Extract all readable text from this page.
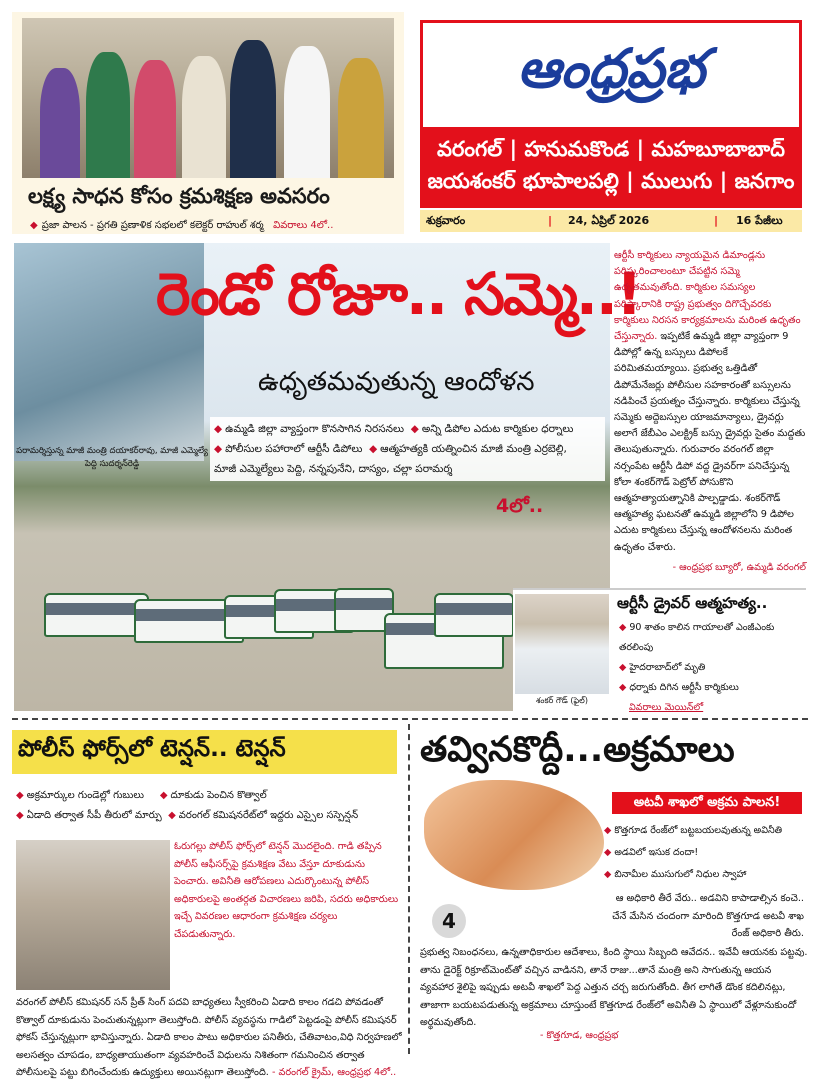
లక్ష్య సాధన కోసం క్రమశిక్షణ అవసరం
◆ ప్రజా పాలన - ప్రగతి ప్రణాళిక సభలలో కలెక్టర్ రాహుల్ శర్మ వివరాలు 4లో..
ఆంధ్రప్రభ
వరంగల్ | హనుమకొండ | మహబూబాబాద్
జయశంకర్ భూపాలపల్లి | ములుగు | జనగాం
శుక్రవారం	| 24, ఏప్రిల్ 2026	| 16 పేజీలు
రెండో రోజూ.. సమ్మె..!
ఉధృతమవుతున్న ఆందోళన
◆ ఉమ్మడి జిల్లా వ్యాప్తంగా కొనసాగిన నిరసనలు ◆ అన్ని డిపోల ఎదుట కార్మికుల ధర్నాలు
◆ పోలీసుల పహారాలో ఆర్టీసీ డిపోలు ◆ ఆత్మహత్యకి యత్నించిన మాజీ మంత్రి ఎర్రబెల్లి,
మాజీ ఎమ్మెల్యేలు పెద్ది, నన్నపునేని, దాస్యం, చల్లా పరామర్శ
పరామర్శిస్తున్న మాజీ మంత్రి దయాకర్‌రావు, మాజీ ఎమ్మెల్యే పెద్ది సుదర్శన్‌రెడ్డి
4లో..
ఆర్టీసీ కార్మికులు న్యాయమైన డిమాండ్లను పరిష్కరించాలంటూ చేపట్టిన సమ్మె ఉధృతమవుతోంది. కార్మికుల సమస్యల పరిష్కారానికి రాష్ట్ర ప్రభుత్వం దిగొచ్చేవరకు కార్మికులు నిరసన కార్యక్రమాలను మరింత ఉధృతం చేస్తున్నారు. ఇప్పటికే ఉమ్మడి జిల్లా వ్యాప్తంగా 9 డిపోల్లో ఉన్న బస్సులు డిపోలకే పరిమితమయ్యాయి. ప్రభుత్వ ఒత్తిడితో డిపోమేనేజర్లు పోలీసుల సహకారంతో బస్సులను నడిపించే ప్రయత్నం చేస్తున్నారు. కార్మికులు చేస్తున్న సమ్మెకు అద్దెబస్సుల యాజమాన్యాలు, డ్రైవర్లు అలాగే జేబీఎం ఎలక్ట్రిక్ బస్సు డ్రైవర్లు సైతం మద్దతు తెలుపుతున్నారు. గురువారం వరంగల్ జిల్లా నర్సంపేట ఆర్టీసీ డిపో వద్ద డ్రైవర్‌గా పనిచేస్తున్న కోలా శంకర్‌గౌడ్ పెట్రోల్ పోసుకొని ఆత్మహత్యాయత్నానికి పాల్పడ్డాడు. శంకర్‌గౌడ్ ఆత్మహత్య ఘటనతో ఉమ్మడి జిల్లాలోని 9 డిపోల ఎదుట కార్మికులు చేస్తున్న ఆందోళనలను మరింత ఉధృతం చేశారు.
- ఆంధ్రప్రభ బ్యూరో, ఉమ్మడి వరంగల్
ఆర్టీసీ డ్రైవర్ ఆత్మహత్య..
◆ 90 శాతం కాలిన గాయాలతో ఎంజీఎంకు తరలింపు
◆ హైదరాబాద్‌లో మృతి
◆ ధర్నాకు దిగిన ఆర్టీసీ కార్మికులు
వివరాలు మెయిన్‌లో
శంకర్ గౌడ్ (ఫైల్)
పోలీస్ ఫోర్స్‌లో టెన్షన్.. టెన్షన్
◆ అక్రమార్కుల గుండెల్లో గుబులు ◆ దూకుడు పెంచిన కొత్వాల్
◆ ఏడాది తర్వాత సీపీ తీరులో మార్పు ◆ వరంగల్ కమిషనరేట్‌లో ఇద్దరు ఎస్సైల సస్పెన్షన్
ఓరుగల్లు పోలీస్ ఫోర్స్‌లో టెన్షన్ మొదలైంది. గాడి తప్పిన పోలీస్ ఆఫీసర్స్‌పై క్రమశిక్షణ వేటు వేస్తూ దూకుడును పెంచారు. అవినీతి ఆరోపణలు ఎదుర్కొంటున్న పోలీస్ అధికారులపై అంతర్గత విచారణలు జరిపి, సదరు అధికారులు ఇచ్చే వివరణల ఆధారంగా క్రమశిక్షణ చర్యలు చేపడుతున్నారు.
వరంగల్ పోలీస్ కమిషనర్ సన్ ప్రీత్ సింగ్ పదవి బాధ్యతలు స్వీకరించి ఏడాది కాలం గడచి పోవడంతో కొత్వాల్ దూకుడును పెంచుతున్నట్లుగా తెలుస్తోంది. పోలీస్ వ్యవస్థను గాడిలో పెట్టడంపై పోలీస్ కమిషనర్ ఫోకస్ చేస్తున్నట్లుగా భావిస్తున్నారు. ఏడాది కాలం పాటు అధికారుల పనితీరు, చేతివాటం,విధి నిర్వహణలో అలసత్వం చూపడం, బాధ్యతాయుతంగా వ్యవహరించే విధులను నిశితంగా గమనించిన తర్వాత పోలీసులపై పట్టు బిగించేందుకు ఉద్యుక్తులు అయినట్లుగా తెలుస్తోంది. - వరంగల్ క్రైమ్, ఆంధ్రప్రభ 4లో..
తవ్వినకొద్దీ...అక్రమాలు
అటవీ శాఖలో అక్రమ పాలన!
◆ కొత్తగూడ రేంజ్‌లో బట్టబయలవుతున్న అవినీతి
◆ అడవిలో ఇసుక దందా!
◆ బినామీల ముసుగులో నిధుల స్వాహా
4
ఆ అధికారి తీరే వేరు.. అడవిని కాపాడాల్సిన కంచె.. చేనే మేసిన చందంగా మారింది కొత్తగూడ అటవీ శాఖ రేంజ్ అధికారి తీరు.
ప్రభుత్వ నిబంధనలు, ఉన్నతాధికారుల ఆదేశాలు, కింది స్థాయి సిబ్బంది ఆవేదన.. ఇవేవీ ఆయనకు పట్టవు. తాను డైరెక్ట్ రిక్రూట్‌మెంట్‌తో వచ్చిన వాడినని, తానే రాజు...తానే మంత్రి అని సాగుతున్న ఆయన వ్యవహార శైలిపై ఇప్పుడు అటవీ శాఖలో పెద్ద ఎత్తున చర్చ జరుగుతోంది. తీగ లాగితే డొంక కదిలినట్లు, తాజాగా బయటపడుతున్న అక్రమాలు చూస్తుంటే కొత్తగూడ రేంజ్‌లో అవినీతి ఏ స్థాయిలో వేళ్లూనుకుందో అర్థమవుతోంది.
- కొత్తగూడ, ఆంధ్రప్రభ
